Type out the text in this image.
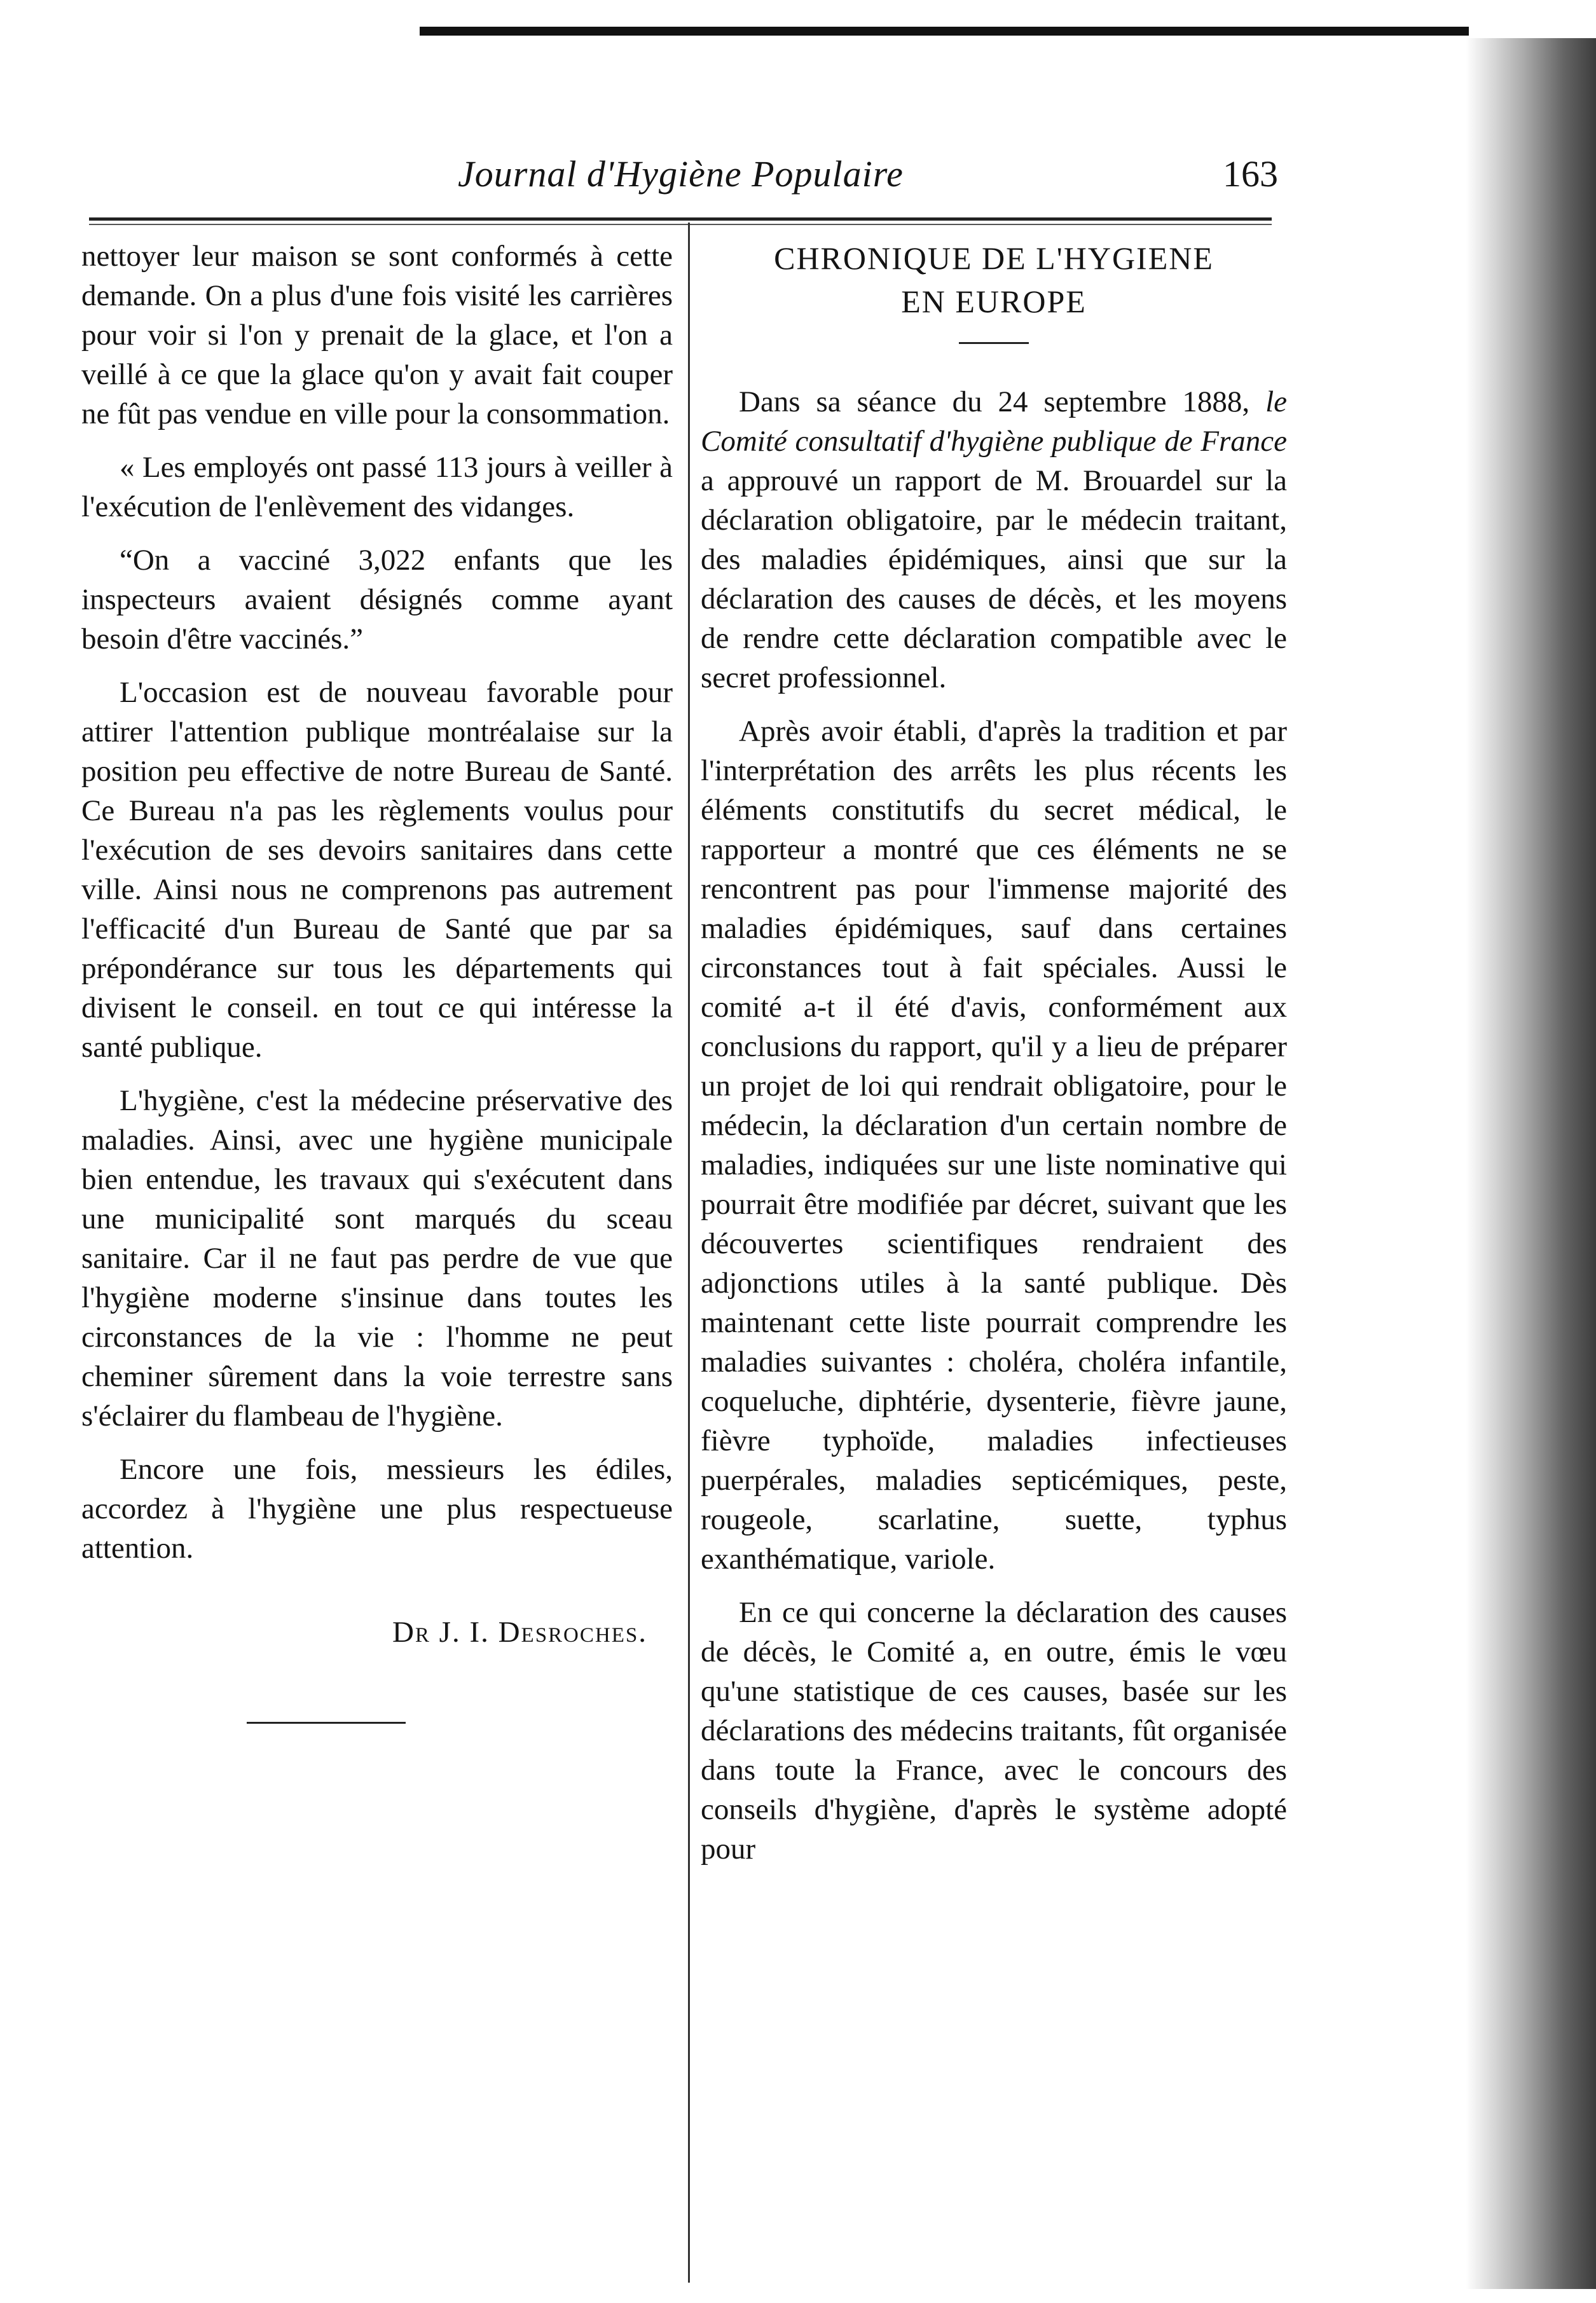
Journal d'Hygiène Populaire	163

nettoyer leur maison se sont conformés à cette demande. On a plus d'une fois visité les carrières pour voir si l'on y prenait de la glace, et l'on a veillé à ce que la glace qu'on y avait fait couper ne fût pas vendue en ville pour la consommation.

« Les employés ont passé 113 jours à veiller à l'exécution de l'enlèvement des vidanges.

“On a vacciné 3,022 enfants que les inspecteurs avaient désignés comme ayant besoin d'être vaccinés.”

L'occasion est de nouveau favorable pour attirer l'attention publique montréalaise sur la position peu effective de notre Bureau de Santé. Ce Bureau n'a pas les règlements voulus pour l'exécution de ses devoirs sanitaires dans cette ville. Ainsi nous ne comprenons pas autrement l'efficacité d'un Bureau de Santé que par sa prépondérance sur tous les départements qui divisent le conseil. en tout ce qui intéresse la santé publique.

L'hygiène, c'est la médecine préservative des maladies. Ainsi, avec une hygiène municipale bien entendue, les travaux qui s'exécutent dans une municipalité sont marqués du sceau sanitaire. Car il ne faut pas perdre de vue que l'hygiène moderne s'insinue dans toutes les circonstances de la vie : l'homme ne peut cheminer sûrement dans la voie terrestre sans s'éclairer du flambeau de l'hygiène.

Encore une fois, messieurs les édiles, accordez à l'hygiène une plus respectueuse attention.

Dr J. I. Desroches.
CHRONIQUE DE L'HYGIENE
EN EUROPE

Dans sa séance du 24 septembre 1888, le Comité consultatif d'hygiène publique de France a approuvé un rapport de M. Brouardel sur la déclaration obligatoire, par le médecin traitant, des maladies épidémiques, ainsi que sur la déclaration des causes de décès, et les moyens de rendre cette déclaration compatible avec le secret professionnel.

Après avoir établi, d'après la tradition et par l'interprétation des arrêts les plus récents les éléments constitutifs du secret médical, le rapporteur a montré que ces éléments ne se rencontrent pas pour l'immense majorité des maladies épidémiques, sauf dans certaines circonstances tout à fait spéciales. Aussi le comité a-t il été d'avis, conformément aux conclusions du rapport, qu'il y a lieu de préparer un projet de loi qui rendrait obligatoire, pour le médecin, la déclaration d'un certain nombre de maladies, indiquées sur une liste nominative qui pourrait être modifiée par décret, suivant que les découvertes scientifiques rendraient des adjonctions utiles à la santé publique. Dès maintenant cette liste pourrait comprendre les maladies suivantes : choléra, choléra infantile, coqueluche, diphtérie, dysenterie, fièvre jaune, fièvre typhoïde, maladies infectieuses puerpérales, maladies septicémiques, peste, rougeole, scarlatine, suette, typhus exanthématique, variole.

En ce qui concerne la déclaration des causes de décès, le Comité a, en outre, émis le vœu qu'une statistique de ces causes, basée sur les déclarations des médecins traitants, fût organisée dans toute la France, avec le concours des conseils d'hygiène, d'après le système adopté pour
